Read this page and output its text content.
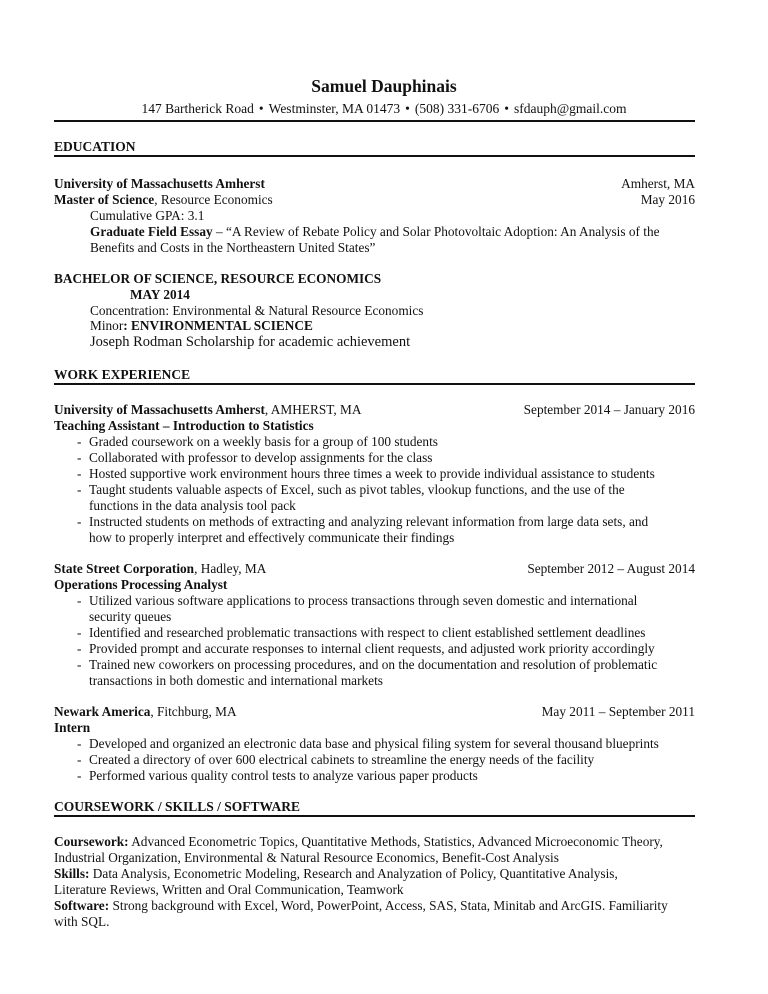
Samuel Dauphinais
147 Bartherick Road • Westminster, MA 01473 • (508) 331-6706 • sfdauph@gmail.com
EDUCATION
University of Massachusetts Amherst	Amherst, MA
Master of Science, Resource Economics	May 2016
Cumulative GPA: 3.1
Graduate Field Essay – “A Review of Rebate Policy and Solar Photovoltaic Adoption: An Analysis of the
Benefits and Costs in the Northeastern United States”
BACHELOR OF SCIENCE, RESOURCE ECONOMICS
MAY 2014
Concentration: Environmental & Natural Resource Economics
Minor: ENVIRONMENTAL SCIENCE
Joseph Rodman Scholarship for academic achievement
WORK EXPERIENCE
University of Massachusetts Amherst, AMHERST, MA	September 2014 – January 2016
Teaching Assistant – Introduction to Statistics
- Graded coursework on a weekly basis for a group of 100 students
- Collaborated with professor to develop assignments for the class
- Hosted supportive work environment hours three times a week to provide individual assistance to students
- Taught students valuable aspects of Excel, such as pivot tables, vlookup functions, and the use of the
functions in the data analysis tool pack
- Instructed students on methods of extracting and analyzing relevant information from large data sets, and
how to properly interpret and effectively communicate their findings
State Street Corporation, Hadley, MA	September 2012 – August 2014
Operations Processing Analyst
- Utilized various software applications to process transactions through seven domestic and international
security queues
- Identified and researched problematic transactions with respect to client established settlement deadlines
- Provided prompt and accurate responses to internal client requests, and adjusted work priority accordingly
- Trained new coworkers on processing procedures, and on the documentation and resolution of problematic
transactions in both domestic and international markets
Newark America, Fitchburg, MA	May 2011 – September 2011
Intern
- Developed and organized an electronic data base and physical filing system for several thousand blueprints
- Created a directory of over 600 electrical cabinets to streamline the energy needs of the facility
- Performed various quality control tests to analyze various paper products
COURSEWORK / SKILLS / SOFTWARE
Coursework: Advanced Econometric Topics, Quantitative Methods, Statistics, Advanced Microeconomic Theory,
Industrial Organization, Environmental & Natural Resource Economics, Benefit-Cost Analysis
Skills: Data Analysis, Econometric Modeling, Research and Analyzation of Policy, Quantitative Analysis,
Literature Reviews, Written and Oral Communication, Teamwork
Software: Strong background with Excel, Word, PowerPoint, Access, SAS, Stata, Minitab and ArcGIS. Familiarity
with SQL.
